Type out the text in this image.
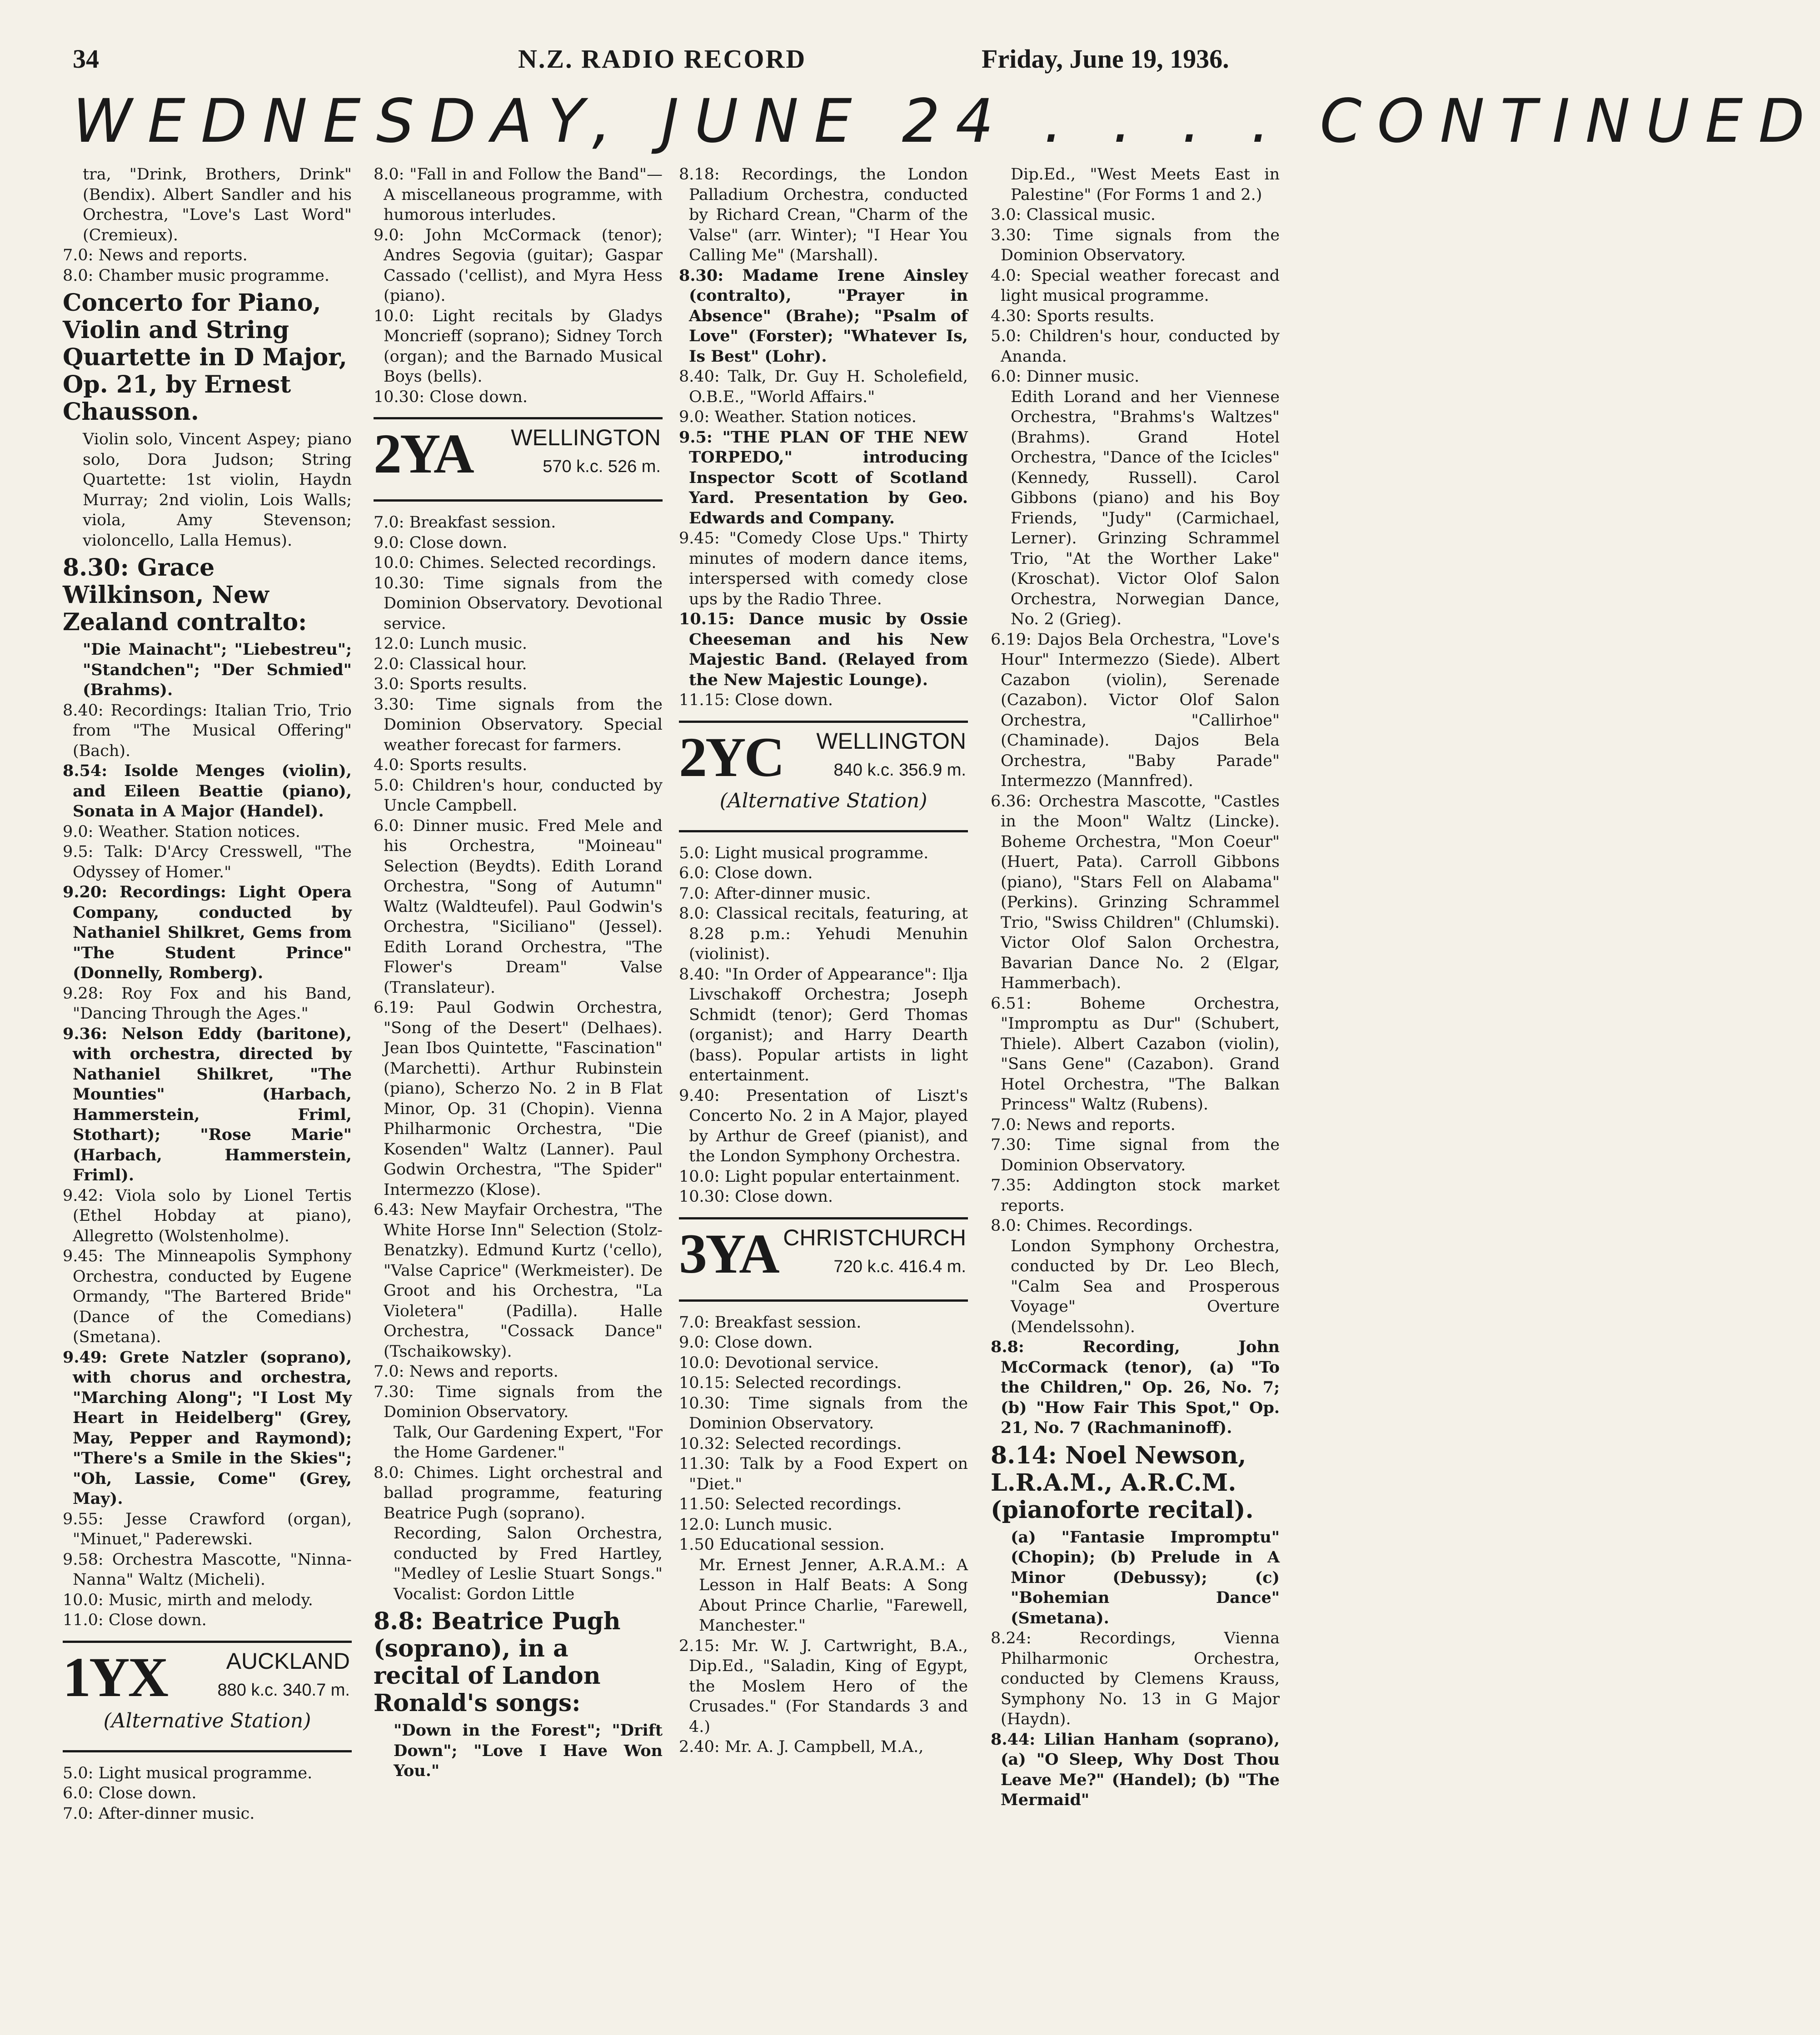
34	N.Z. RADIO RECORD	Friday, June 19, 1936.
WEDNESDAY, JUNE 24 . . . . CONTINUED

tra, "Drink, Brothers, Drink" (Bendix). Albert Sandler and his Orchestra, "Love's Last Word" (Cremieux).

7.0: News and reports.

8.0: Chamber music programme.

Concerto for Piano, Violin and String Quartette in D Major, Op. 21, by Ernest Chausson.

Violin solo, Vincent Aspey; piano solo, Dora Judson; String Quartette: 1st violin, Haydn Murray; 2nd violin, Lois Walls; viola, Amy Stevenson; violoncello, Lalla Hemus).

8.30: Grace Wilkinson, New Zealand contralto:

"Die Mainacht"; "Liebestreu"; "Standchen"; "Der Schmied" (Brahms).

8.40: Recordings: Italian Trio, Trio from "The Musical Offering" (Bach).

8.54: Isolde Menges (violin), and Eileen Beattie (piano), Sonata in A Major (Handel).

9.0: Weather. Station notices.

9.5: Talk: D'Arcy Cresswell, "The Odyssey of Homer."

9.20: Recordings: Light Opera Company, conducted by Nathaniel Shilkret, Gems from "The Student Prince" (Donnelly, Romberg).

9.28: Roy Fox and his Band, "Dancing Through the Ages."

9.36: Nelson Eddy (baritone), with orchestra, directed by Nathaniel Shilkret, "The Mounties" (Harbach, Hammerstein, Friml, Stothart); "Rose Marie" (Harbach, Hammerstein, Friml).

9.42: Viola solo by Lionel Tertis (Ethel Hobday at piano), Allegretto (Wolstenholme).

9.45: The Minneapolis Symphony Orchestra, conducted by Eugene Ormandy, "The Bartered Bride" (Dance of the Comedians) (Smetana).

9.49: Grete Natzler (soprano), with chorus and orchestra, "Marching Along"; "I Lost My Heart in Heidelberg" (Grey, May, Pepper and Raymond); "There's a Smile in the Skies"; "Oh, Lassie, Come" (Grey, May).

9.55: Jesse Crawford (organ), "Minuet," Paderewski.

9.58: Orchestra Mascotte, "Ninna-Nanna" Waltz (Micheli).

10.0: Music, mirth and melody.

11.0: Close down.

1YX	AUCKLAND
880 k.c. 340.7 m.
(Alternative Station)

5.0: Light musical programme.

6.0: Close down.

7.0: After-dinner music.

8.0: "Fall in and Follow the Band"—A miscellaneous programme, with humorous interludes.

9.0: John McCormack (tenor); Andres Segovia (guitar); Gaspar Cassado ('cellist), and Myra Hess (piano).

10.0: Light recitals by Gladys Moncrieff (soprano); Sidney Torch (organ); and the Barnado Musical Boys (bells).

10.30: Close down.

2YA WELLINGTON
570 k.c. 526 m.

7.0: Breakfast session.

9.0: Close down.

10.0: Chimes. Selected recordings.

10.30: Time signals from the Dominion Observatory. Devotional service.

12.0: Lunch music.

2.0: Classical hour.

3.0: Sports results.

3.30: Time signals from the Dominion Observatory. Special weather forecast for farmers.

4.0: Sports results.

5.0: Children's hour, conducted by Uncle Campbell.

6.0: Dinner music. Fred Mele and his Orchestra, "Moineau" Selection (Beydts). Edith Lorand Orchestra, "Song of Autumn" Waltz (Waldteufel). Paul Godwin's Orchestra, "Siciliano" (Jessel). Edith Lorand Orchestra, "The Flower's Dream" Valse (Translateur).

6.19: Paul Godwin Orchestra, "Song of the Desert" (Delhaes). Jean Ibos Quintette, "Fascination" (Marchetti). Arthur Rubinstein (piano), Scherzo No. 2 in B Flat Minor, Op. 31 (Chopin). Vienna Philharmonic Orchestra, "Die Kosenden" Waltz (Lanner). Paul Godwin Orchestra, "The Spider" Intermezzo (Klose).

6.43: New Mayfair Orchestra, "The White Horse Inn" Selection (Stolz-Benatzky). Edmund Kurtz ('cello), "Valse Caprice" (Werkmeister). De Groot and his Orchestra, "La Violetera" (Padilla). Halle Orchestra, "Cossack Dance" (Tschaikowsky).

7.0: News and reports.

7.30: Time signals from the Dominion Observatory.

Talk, Our Gardening Expert, "For the Home Gardener."

8.0: Chimes. Light orchestral and ballad programme, featuring Beatrice Pugh (soprano).

Recording, Salon Orchestra, conducted by Fred Hartley, "Medley of Leslie Stuart Songs." Vocalist: Gordon Little

8.8: Beatrice Pugh (soprano), in a recital of Landon Ronald's songs:

"Down in the Forest"; "Drift Down"; "Love I Have Won You."

8.18: Recordings, the London Palladium Orchestra, conducted by Richard Crean, "Charm of the Valse" (arr. Winter); "I Hear You Calling Me" (Marshall).

8.30: Madame Irene Ainsley (contralto), "Prayer in Absence" (Brahe); "Psalm of Love" (Forster); "Whatever Is, Is Best" (Lohr).

8.40: Talk, Dr. Guy H. Scholefield, O.B.E., "World Affairs."

9.0: Weather. Station notices.

9.5: "THE PLAN OF THE NEW TORPEDO," introducing Inspector Scott of Scotland Yard. Presentation by Geo. Edwards and Company.

9.45: "Comedy Close Ups." Thirty minutes of modern dance items, interspersed with comedy close ups by the Radio Three.

10.15: Dance music by Ossie Cheeseman and his New Majestic Band. (Relayed from the New Majestic Lounge).

11.15: Close down.

2YC WELLINGTON
840 k.c. 356.9 m.
(Alternative Station)

5.0: Light musical programme.

6.0: Close down.

7.0: After-dinner music.

8.0: Classical recitals, featuring, at 8.28 p.m.: Yehudi Menuhin (violinist).

8.40: "In Order of Appearance": Ilja Livschakoff Orchestra; Joseph Schmidt (tenor); Gerd Thomas (organist); and Harry Dearth (bass). Popular artists in light entertainment.

9.40: Presentation of Liszt's Concerto No. 2 in A Major, played by Arthur de Greef (pianist), and the London Symphony Orchestra.

10.0: Light popular entertainment.

10.30: Close down.

3YA CHRISTCHURCH
720 k.c. 416.4 m.

7.0: Breakfast session.

9.0: Close down.

10.0: Devotional service.

10.15: Selected recordings.

10.30: Time signals from the Dominion Observatory.

10.32: Selected recordings.

11.30: Talk by a Food Expert on "Diet."

11.50: Selected recordings.

12.0: Lunch music.

1.50 Educational session.

Mr. Ernest Jenner, A.R.A.M.: A Lesson in Half Beats: A Song About Prince Charlie, "Farewell, Manchester."

2.15: Mr. W. J. Cartwright, B.A., Dip.Ed., "Saladin, King of Egypt, the Moslem Hero of the Crusades." (For Standards 3 and 4.)

2.40: Mr. A. J. Campbell, M.A.,

Dip.Ed., "West Meets East in Palestine" (For Forms 1 and 2.)

3.0: Classical music.

3.30: Time signals from the Dominion Observatory.

4.0: Special weather forecast and light musical programme.

4.30: Sports results.

5.0: Children's hour, conducted by Ananda.

6.0: Dinner music.

Edith Lorand and her Viennese Orchestra, "Brahms's Waltzes" (Brahms). Grand Hotel Orchestra, "Dance of the Icicles" (Kennedy, Russell). Carol Gibbons (piano) and his Boy Friends, "Judy" (Carmichael, Lerner). Grinzing Schrammel Trio, "At the Worther Lake" (Kroschat). Victor Olof Salon Orchestra, Norwegian Dance, No. 2 (Grieg).

6.19: Dajos Bela Orchestra, "Love's Hour" Intermezzo (Siede). Albert Cazabon (violin), Serenade (Cazabon). Victor Olof Salon Orchestra, "Callirhoe" (Chaminade). Dajos Bela Orchestra, "Baby Parade" Intermezzo (Mannfred).

6.36: Orchestra Mascotte, "Castles in the Moon" Waltz (Lincke). Boheme Orchestra, "Mon Coeur" (Huert, Pata). Carroll Gibbons (piano), "Stars Fell on Alabama" (Perkins). Grinzing Schrammel Trio, "Swiss Children" (Chlumski). Victor Olof Salon Orchestra, Bavarian Dance No. 2 (Elgar, Hammerbach).

6.51: Boheme Orchestra, "Impromptu as Dur" (Schubert, Thiele). Albert Cazabon (violin), "Sans Gene" (Cazabon). Grand Hotel Orchestra, "The Balkan Princess" Waltz (Rubens).

7.0: News and reports.

7.30: Time signal from the Dominion Observatory.

7.35: Addington stock market reports.

8.0: Chimes. Recordings.

London Symphony Orchestra, conducted by Dr. Leo Blech, "Calm Sea and Prosperous Voyage" Overture (Mendelssohn).

8.8: Recording, John McCormack (tenor), (a) "To the Children," Op. 26, No. 7; (b) "How Fair This Spot," Op. 21, No. 7 (Rachmaninoff).

8.14: Noel Newson, L.R.A.M., A.R.C.M. (pianoforte recital).

(a) "Fantasie Impromptu" (Chopin); (b) Prelude in A Minor (Debussy); (c) "Bohemian Dance" (Smetana).

8.24: Recordings, Vienna Philharmonic Orchestra, conducted by Clemens Krauss, Symphony No. 13 in G Major (Haydn).

8.44: Lilian Hanham (soprano), (a) "O Sleep, Why Dost Thou Leave Me?" (Handel); (b) "The Mermaid"
